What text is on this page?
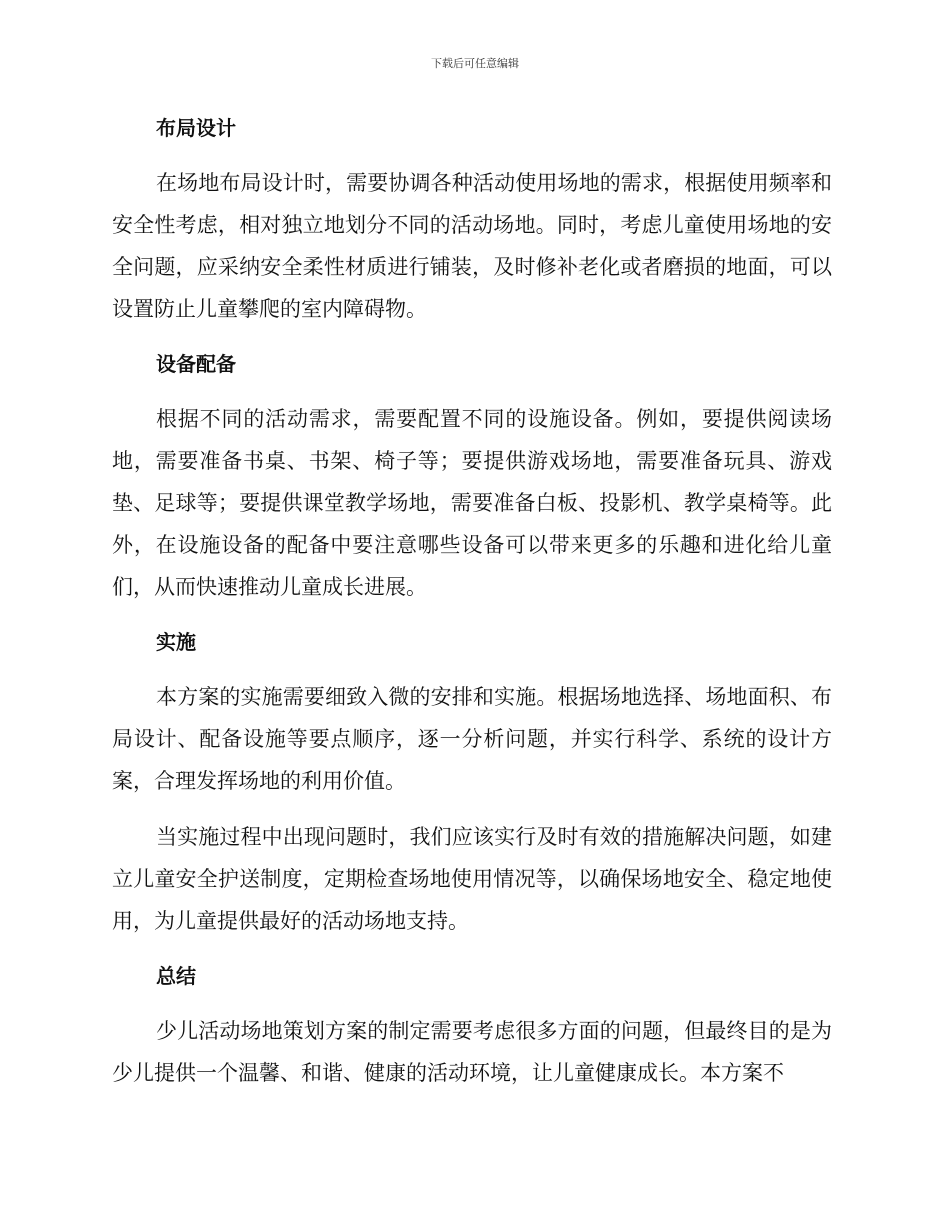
下载后可任意编辑
布局设计

在场地布局设计时，需要协调各种活动使用场地的需求，根据使用频率和安全性考虑，相对独立地划分不同的活动场地。同时，考虑儿童使用场地的安全问题，应采纳安全柔性材质进行铺装，及时修补老化或者磨损的地面，可以设置防止儿童攀爬的室内障碍物。

设备配备

根据不同的活动需求，需要配置不同的设施设备。例如，要提供阅读场地，需要准备书桌、书架、椅子等；要提供游戏场地，需要准备玩具、游戏垫、足球等；要提供课堂教学场地，需要准备白板、投影机、教学桌椅等。此外，在设施设备的配备中要注意哪些设备可以带来更多的乐趣和进化给儿童们，从而快速推动儿童成长进展。

实施

本方案的实施需要细致入微的安排和实施。根据场地选择、场地面积、布局设计、配备设施等要点顺序，逐一分析问题，并实行科学、系统的设计方案，合理发挥场地的利用价值。

当实施过程中出现问题时，我们应该实行及时有效的措施解决问题，如建立儿童安全护送制度，定期检查场地使用情况等，以确保场地安全、稳定地使用，为儿童提供最好的活动场地支持。

总结

少儿活动场地策划方案的制定需要考虑很多方面的问题，但最终目的是为少儿提供一个温馨、和谐、健康的活动环境，让儿童健康成长。本方案不
